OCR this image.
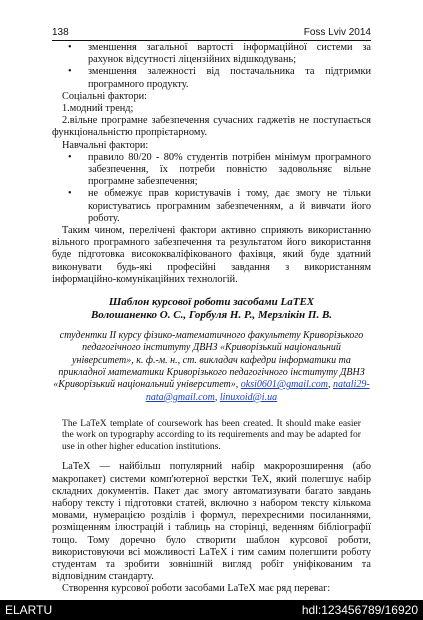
138	Foss Lviv 2014
• зменшення загальної вартості інформаційної системи за рахунок відсутності ліцензійних відшкодувань;
• зменшення залежності від постачальника та підтримки програмного продукту.

Соціальні фактори:

1.модний тренд;

2.вільне програмне забезпечення сучасних гаджетів не поступається функціональністю пропрієтарному.

Навчальні фактори:

• правило 80/20 - 80% студентів потрібен мінімум програмного забезпечення, їх потреби повністю задовольняє вільне програмне забезпечення;
• не обмежує прав користувачів і тому, дає змогу не тільки користуватись програмним забезпеченням, а й вивчати його роботу.

Таким чином, перелічені фактори активно сприяють використанню вільного програмного забезпечення та результатом його використання буде підготовка висококваліфікованого фахівця, який буде здатний виконувати будь-які професійні завдання з використанням інформаційно-комунікаційних технологій.

Шаблон курсової роботи засобами LaTEX

Волошаненко О. С., Горбуля Н. Р., Мерзлікін П. В.

студентки ІІ курсу фізико-математичного факультету Криворізького педагогічного інституту ДВНЗ «Криворізький національний університет», к. ф.-м. н., ст. викладач кафедри інформатики та прикладної математики Криворізького педагогічного інституту ДВНЗ «Криворізький національний університет», oksi0601@gmail.com, natali29-nata@gmail.com, linuxoid@i.ua

The LaTeX template of coursework has been created. It should make easier the work on typography according to its requirements and may be adapted for use in other higher education institutions.

LaTeX — найбільш популярний набір макророзширення (або макропакет) системи комп'ютерної верстки TeX, який полегшує набір складних документів. Пакет дає змогу автоматизувати багато завдань набору тексту і підготовки статей, включно з набором тексту кількома мовами, нумерацією розділів і формул, перехресними посиланнями, розміщенням ілюстрацій і таблиць на сторінці, веденням бібліографії тощо. Тому доречно було створити шаблон курсової роботи, використовуючи всі можливості LaTeX і тим самим полегшити роботу студентам та зробити зовнішній вигляд робіт уніфікованим та відповідним стандарту.

Створення курсової роботи засобами LaTeX має ряд переваг:

ELARTU	hdl:123456789/16920
